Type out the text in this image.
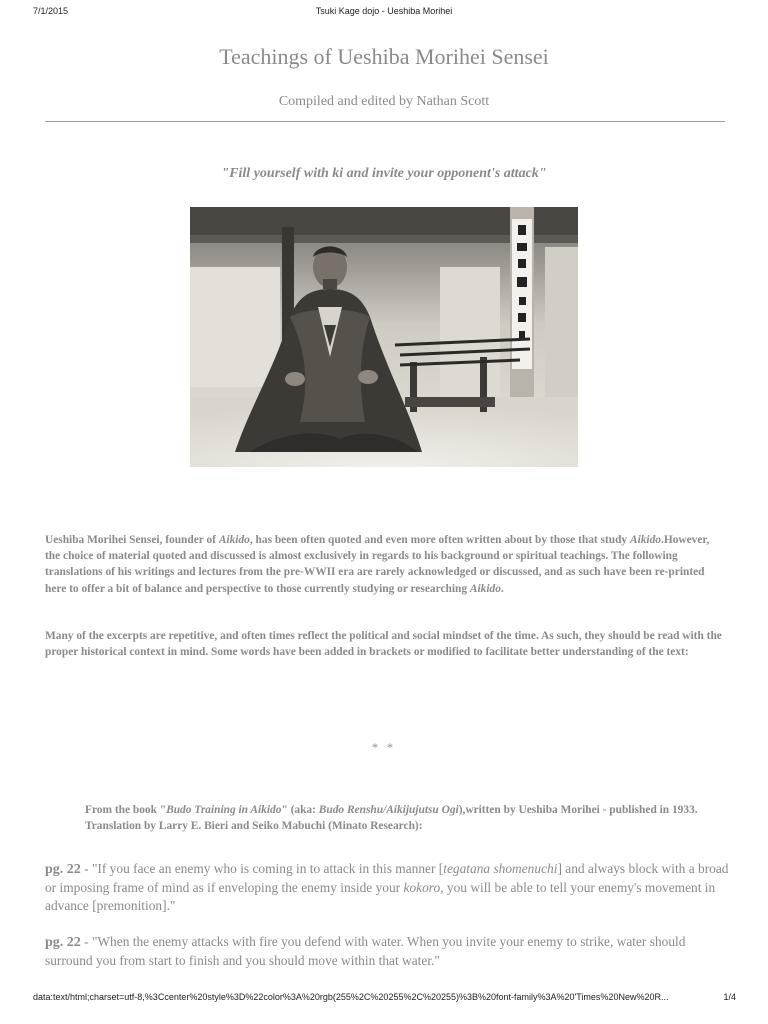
7/1/2015	Tsuki Kage dojo - Ueshiba Morihei
Teachings of Ueshiba Morihei Sensei
Compiled and edited by Nathan Scott
"Fill yourself with ki and invite your opponent's attack"

Ueshiba Morihei Sensei, founder of Aikido, has been often quoted and even more often written about by those that study Aikido.However, the choice of material quoted and discussed is almost exclusively in regards to his background or spiritual teachings. The following translations of his writings and lectures from the pre-WWII era are rarely acknowledged or discussed, and as such have been re-printed here to offer a bit of balance and perspective to those currently studying or researching Aikido.

Many of the excerpts are repetitive, and often times reflect the political and social mindset of the time. As such, they should be read with the proper historical context in mind. Some words have been added in brackets or modified to facilitate better understanding of the text:

* *

From the book "Budo Training in Aikido" (aka: Budo Renshu/Aikijujutsu Ogi),written by Ueshiba Morihei - published in 1933. Translation by Larry E. Bieri and Seiko Mabuchi (Minato Research):

pg. 22 - "If you face an enemy who is coming in to attack in this manner [tegatana shomenuchi] and always block with a broad or imposing frame of mind as if enveloping the enemy inside your kokoro, you will be able to tell your enemy's movement in advance [premonition]."

pg. 22 - "When the enemy attacks with fire you defend with water. When you invite your enemy to strike, water should surround you from start to finish and you should move within that water."

data:text/html;charset=utf-8,%3Ccenter%20style%3D%22color%3A%20rgb(255%2C%20255%2C%20255)%3B%20font-family%3A%20'Times%20New%20R...	1/4
